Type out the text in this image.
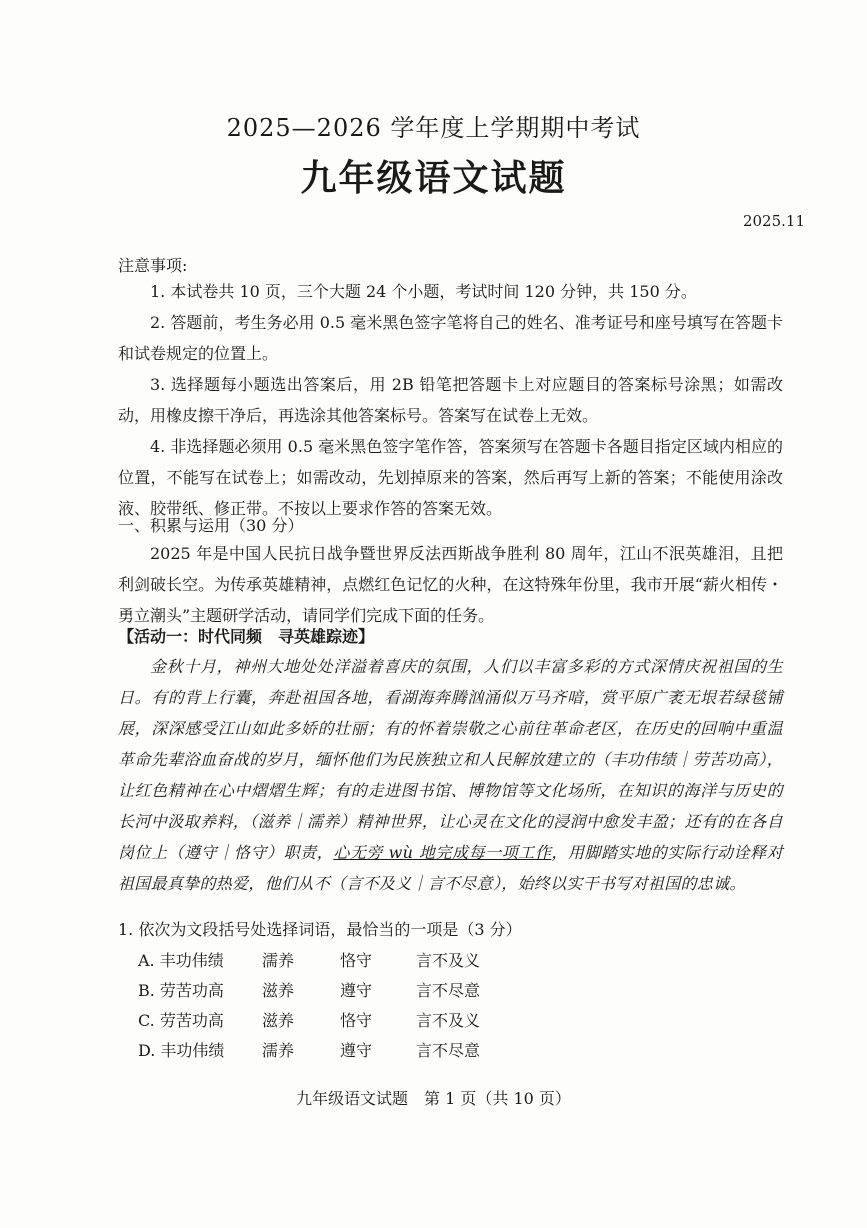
2025—2026 学年度上学期期中考试
九年级语文试题
2025.11

注意事项:

1. 本试卷共 10 页，三个大题 24 个小题，考试时间 120 分钟，共 150 分。
2. 答题前，考生务必用 0.5 毫米黑色签字笔将自己的姓名、准考证号和座号填写在答题卡和试卷规定的位置上。
3. 选择题每小题选出答案后，用 2B 铅笔把答题卡上对应题目的答案标号涂黑；如需改动，用橡皮擦干净后，再选涂其他答案标号。答案写在试卷上无效。
4. 非选择题必须用 0.5 毫米黑色签字笔作答，答案须写在答题卡各题目指定区域内相应的位置，不能写在试卷上；如需改动，先划掉原来的答案，然后再写上新的答案；不能使用涂改液、胶带纸、修正带。不按以上要求作答的答案无效。

一、积累与运用（30 分）

2025 年是中国人民抗日战争暨世界反法西斯战争胜利 80 周年，江山不泯英雄泪，且把利剑破长空。为传承英雄精神，点燃红色记忆的火种，在这特殊年份里，我市开展“薪火相传・勇立潮头”主题研学活动，请同学们完成下面的任务。

【活动一：时代同频　寻英雄踪迹】

金秋十月，神州大地处处洋溢着喜庆的氛围，人们以丰富多彩的方式深情庆祝祖国的生日。有的背上行囊，奔赴祖国各地，看湖海奔腾汹涌似万马齐喑，赏平原广袤无垠若绿毯铺展，深深感受江山如此多娇的壮丽；有的怀着崇敬之心前往革命老区，在历史的回响中重温革命先辈浴血奋战的岁月，缅怀他们为民族独立和人民解放建立的（丰功伟绩｜劳苦功高），让红色精神在心中熠熠生辉；有的走进图书馆、博物馆等文化场所，在知识的海洋与历史的长河中汲取养料，（滋养｜濡养）精神世界，让心灵在文化的浸润中愈发丰盈；还有的在各自岗位上（遵守｜恪守）职责，心无旁 wù 地完成每一项工作，用脚踏实地的实际行动诠释对祖国最真挚的热爱，他们从不（言不及义｜言不尽意），始终以实干书写对祖国的忠诚。

1. 依次为文段括号处选择词语，最恰当的一项是（3 分）

A. 丰功伟绩	濡养	恪守	言不及义
B. 劳苦功高	滋养	遵守	言不尽意
C. 劳苦功高	滋养	恪守	言不及义
D. 丰功伟绩	濡养	遵守	言不尽意
九年级语文试题　第 1 页（共 10 页）
